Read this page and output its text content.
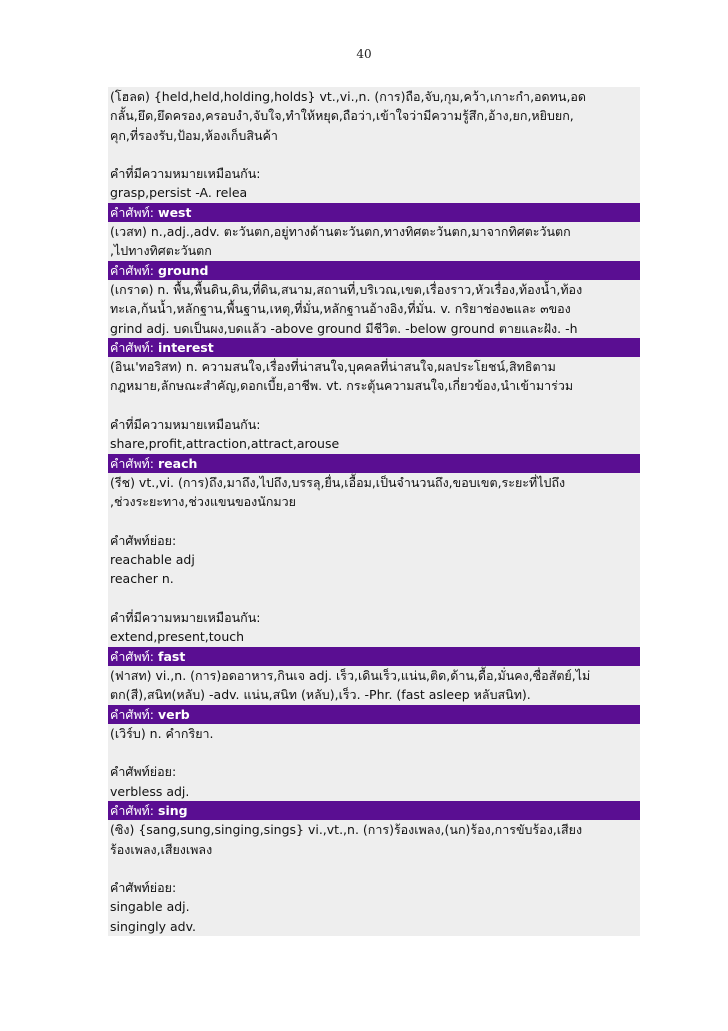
40
(โฮลด) {held,held,holding,holds} vt.,vi.,n. (การ)ถือ,จับ,กุม,คว้า,เกาะกำ,อดทน,อด
กลั้น,ยึด,ยึดครอง,ครอบงำ,จับใจ,ทำให้หยุด,ถือว่า,เข้าใจว่ามีความรู้สึก,อ้าง,ยก,หยิบยก,
คุก,ที่รองรับ,ป้อม,ห้องเก็บสินค้า
คำที่มีความหมายเหมือนกัน:
grasp,persist -A. relea
คำศัพท์: west
(เวสท) n.,adj.,adv. ตะวันตก,อยู่ทางด้านตะวันตก,ทางทิศตะวันตก,มาจากทิศตะวันตก
,ไปทางทิศตะวันตก
คำศัพท์: ground
(เกราด) n. พื้น,พื้นดิน,ดิน,ที่ดิน,สนาม,สถานที่,บริเวณ,เขต,เรื่องราว,หัวเรื่อง,ท้องน้ำ,ท้อง
ทะเล,ก้นน้ำ,หลักฐาน,พื้นฐาน,เหตุ,ที่มั่น,หลักฐานอ้างอิง,ที่มั่น. v. กริยาช่อง๒และ ๓ของ
grind adj. บดเป็นผง,บดแล้ว -above ground มีชีวิต. -below ground ตายและฝัง. -h
คำศัพท์: interest
(อินเ'ทอริสท) n. ความสนใจ,เรื่องที่น่าสนใจ,บุคคลที่น่าสนใจ,ผลประโยชน์,สิทธิตาม
กฎหมาย,ลักษณะสำคัญ,ดอกเบี้ย,อาชีพ. vt. กระตุ้นความสนใจ,เกี่ยวข้อง,นำเข้ามาร่วม
คำที่มีความหมายเหมือนกัน:
share,profit,attraction,attract,arouse
คำศัพท์: reach
(รีช) vt.,vi. (การ)ถึง,มาถึง,ไปถึง,บรรลุ,ยื่น,เอื้อม,เป็นจำนวนถึง,ขอบเขต,ระยะที่ไปถึง
,ช่วงระยะทาง,ช่วงแขนของนักมวย
คำศัพท์ย่อย:
reachable adj
reacher n.
คำที่มีความหมายเหมือนกัน:
extend,present,touch
คำศัพท์: fast
(ฟาสท) vi.,n. (การ)อดอาหาร,กินเจ adj. เร็ว,เดินเร็ว,แน่น,ติด,ด้าน,ดื้อ,มั่นคง,ซื่อสัตย์,ไม่
ตก(สี),สนิท(หลับ) -adv. แน่น,สนิท (หลับ),เร็ว. -Phr. (fast asleep หลับสนิท).
คำศัพท์: verb
(เวิร์บ) n. คำกริยา.
คำศัพท์ย่อย:
verbless adj.
คำศัพท์: sing
(ซิง) {sang,sung,singing,sings} vi.,vt.,n. (การ)ร้องเพลง,(นก)ร้อง,การขับร้อง,เสียง
ร้องเพลง,เสียงเพลง
คำศัพท์ย่อย:
singable adj.
singingly adv.
